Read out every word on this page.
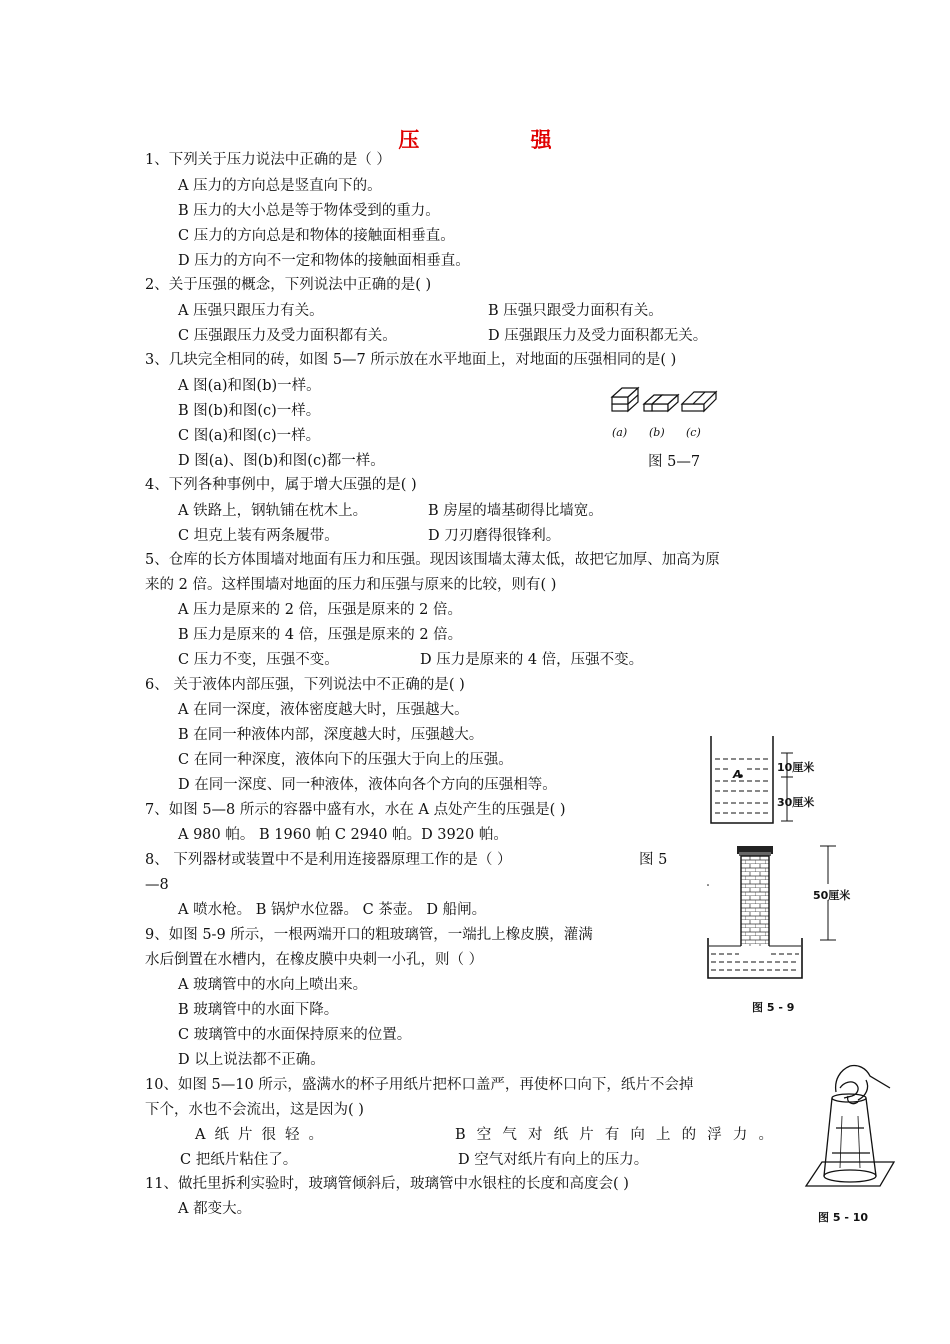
压 强
1、下列关于压力说法中正确的是（ ）
A 压力的方向总是竖直向下的。
B 压力的大小总是等于物体受到的重力。
C 压力的方向总是和物体的接触面相垂直。
D 压力的方向不一定和物体的接触面相垂直。
2、关于压强的概念，下列说法中正确的是( )
A 压强只跟压力有关。	B 压强只跟受力面积有关。
C 压强跟压力及受力面积都有关。	D 压强跟压力及受力面积都无关。
3、几块完全相同的砖，如图 5—7 所示放在水平地面上，对地面的压强相同的是( )
A 图(a)和图(b)一样。
B 图(b)和图(c)一样。
C 图(a)和图(c)一样。
D 图(a)、图(b)和图(c)都一样。
(a) (b) (c)
图 5—7
4、下列各种事例中，属于增大压强的是( )
A 铁路上，钢轨铺在枕木上。	B 房屋的墙基砌得比墙宽。
C 坦克上装有两条履带。	D 刀刃磨得很锋利。
5、仓库的长方体围墙对地面有压力和压强。现因该围墙太薄太低，故把它加厚、加高为原
来的 2 倍。这样围墙对地面的压力和压强与原来的比较，则有( )
A 压力是原来的 2 倍，压强是原来的 2 倍。
B 压力是原来的 4 倍，压强是原来的 2 倍。
C 压力不变，压强不变。	D 压力是原来的 4 倍，压强不变。
6、 关于液体内部压强，下列说法中不正确的是( )
A 在同一深度，液体密度越大时，压强越大。
B 在同一种液体内部，深度越大时，压强越大。
C 在同一种深度，液体向下的压强大于向上的压强。
D 在同一深度、同一种液体，液体向各个方向的压强相等。
A
10厘米
30厘米
7、如图 5—8 所示的容器中盛有水，水在 A 点处产生的压强是( )
A 980 帕。 B 1960 帕 C 2940 帕。D 3920 帕。
8、 下列器材或装置中不是利用连接器原理工作的是（ ）	图 5
—8
A 喷水枪。 B 锅炉水位器。 C 茶壶。 D 船闸。
50厘米
图 5 - 9
9、如图 5-9 所示，一根两端开口的粗玻璃管，一端扎上橡皮膜，灌满
水后倒置在水槽内，在橡皮膜中央刺一小孔，则（ ）
A 玻璃管中的水向上喷出来。
B 玻璃管中的水面下降。
C 玻璃管中的水面保持原来的位置。
D 以上说法都不正确。
10、如图 5—10 所示，盛满水的杯子用纸片把杯口盖严，再使杯口向下，纸片不会掉
下个，水也不会流出，这是因为( )
A 纸 片 很 轻 。	B 空 气 对 纸 片 有 向 上 的 浮 力 。
C 把纸片粘住了。	D 空气对纸片有向上的压力。
图 5 - 10
11、做托里拆利实验时，玻璃管倾斜后，玻璃管中水银柱的长度和高度会( )
A 都变大。
